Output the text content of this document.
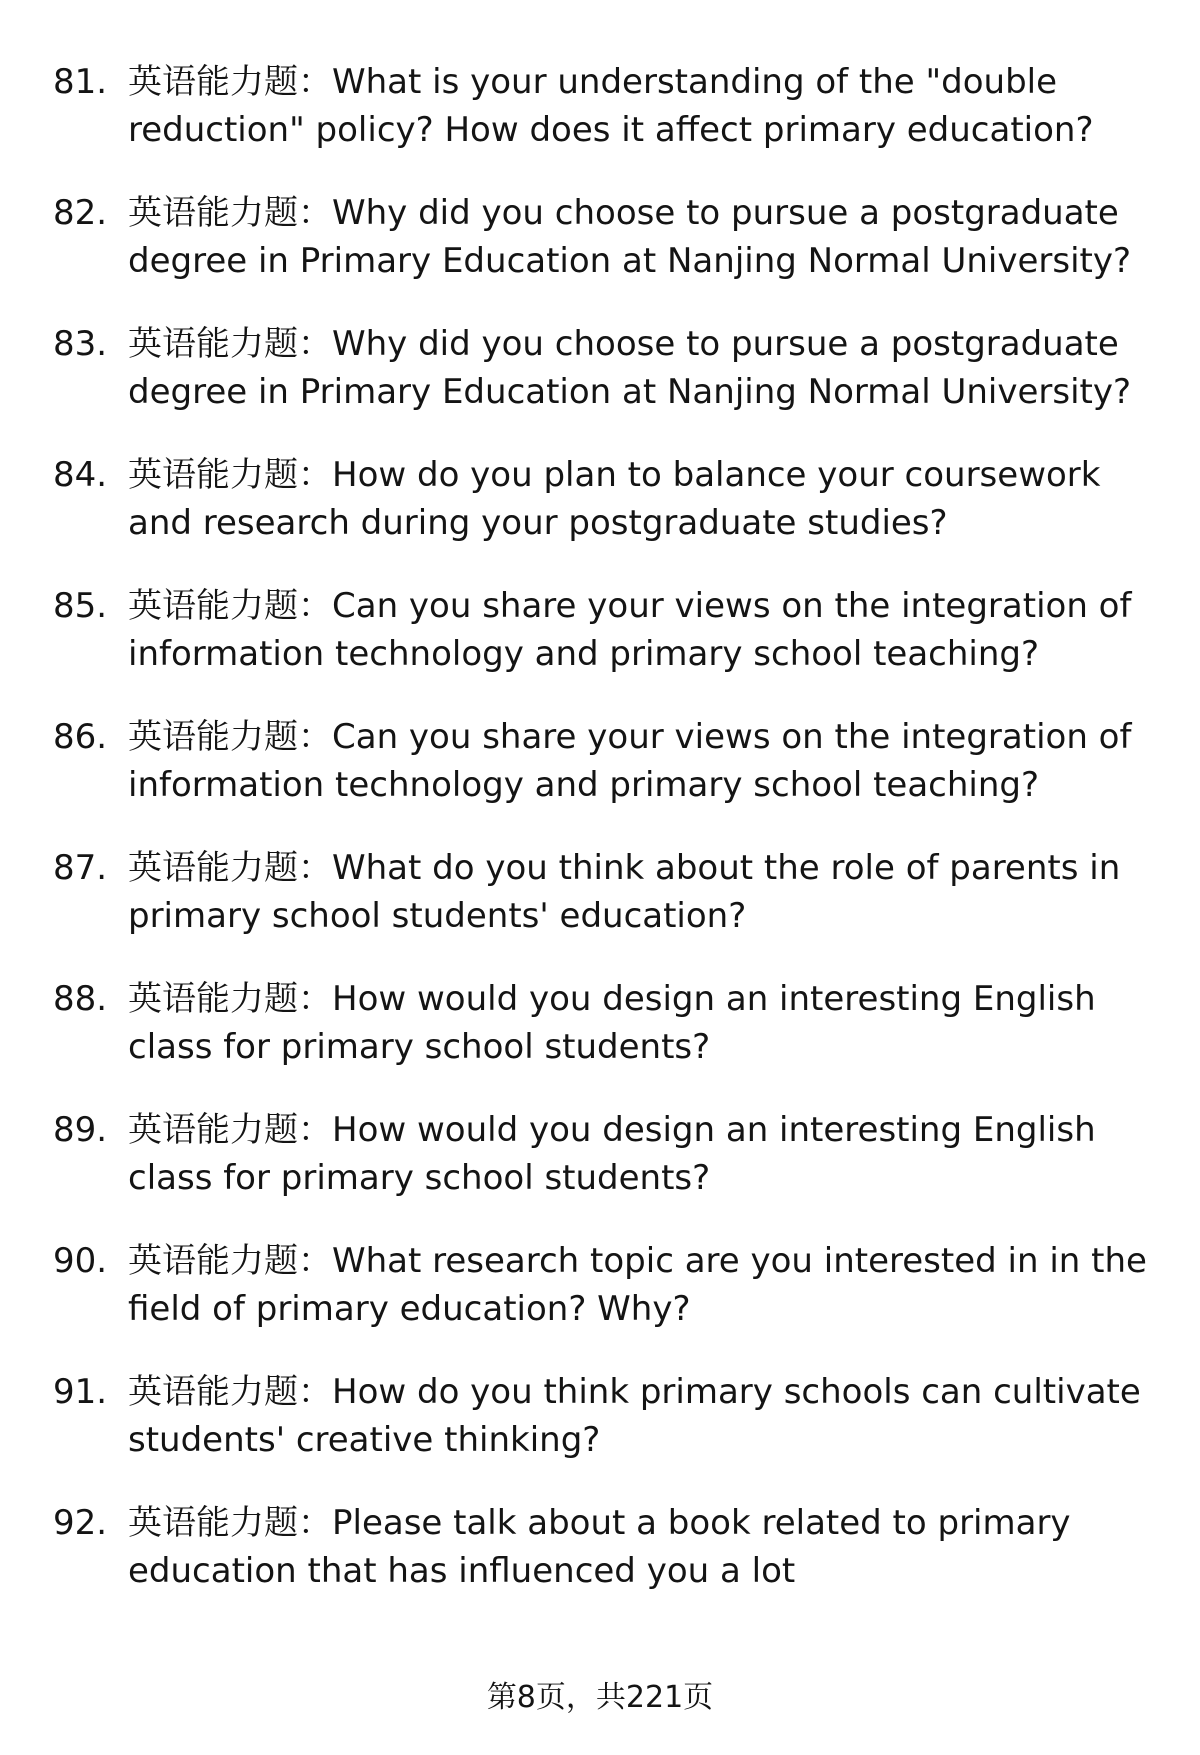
81. 英语能力题：What is your understanding of the "double reduction" policy? How does it affect primary education?
82. 英语能力题：Why did you choose to pursue a postgraduate degree in Primary Education at Nanjing Normal University?
83. 英语能力题：Why did you choose to pursue a postgraduate degree in Primary Education at Nanjing Normal University?
84. 英语能力题：How do you plan to balance your coursework and research during your postgraduate studies?
85. 英语能力题：Can you share your views on the integration of information technology and primary school teaching?
86. 英语能力题：Can you share your views on the integration of information technology and primary school teaching?
87. 英语能力题：What do you think about the role of parents in primary school students' education?
88. 英语能力题：How would you design an interesting English class for primary school students?
89. 英语能力题：How would you design an interesting English class for primary school students?
90. 英语能力题：What research topic are you interested in in the field of primary education? Why?
91. 英语能力题：How do you think primary schools can cultivate students' creative thinking?
92. 英语能力题：Please talk about a book related to primary education that has influenced you a lot
第8页，共221页
